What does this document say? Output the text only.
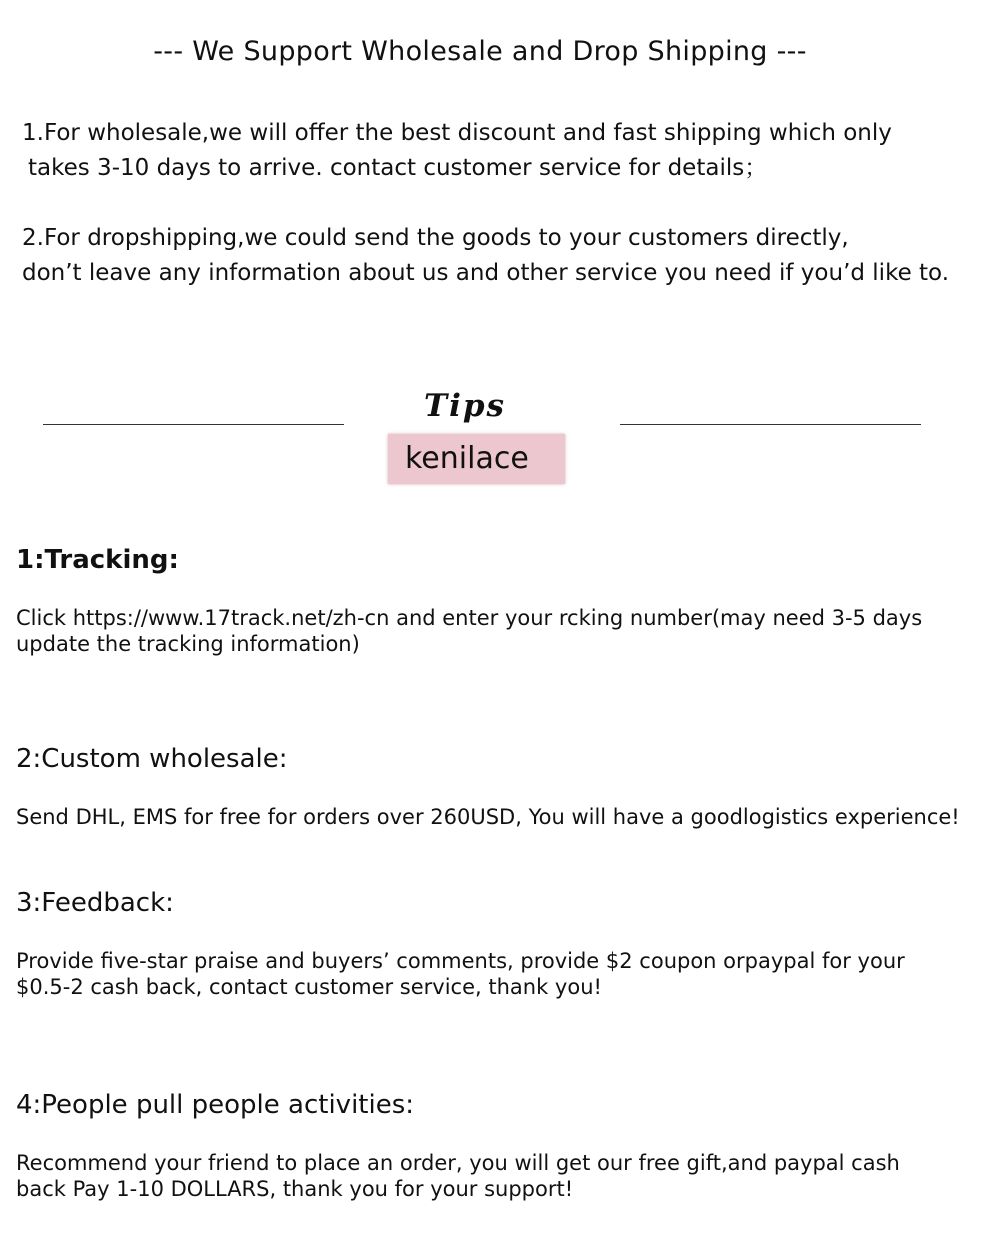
--- We Support Wholesale and Drop Shipping ---
1.For wholesale,we will offer the best discount and fast shipping which only
takes 3-10 days to arrive. contact customer service for details；
2.For dropshipping,we could send the goods to your customers directly,
don’t leave any information about us and other service you need if you’d like to.
Tips
kenilace
1:Tracking:
Click https://www.17track.net/zh-cn and enter your rcking number(may need 3-5 days
update the tracking information)
2:Custom wholesale:
Send DHL, EMS for free for orders over 260USD, You will have a goodlogistics experience!
3:Feedback:
Provide five-star praise and buyers’ comments, provide $2 coupon orpaypal for your
$0.5-2 cash back, contact customer service, thank you!
4:People pull people activities:
Recommend your friend to place an order, you will get our free gift,and paypal cash
back Pay 1-10 DOLLARS, thank you for your support!
